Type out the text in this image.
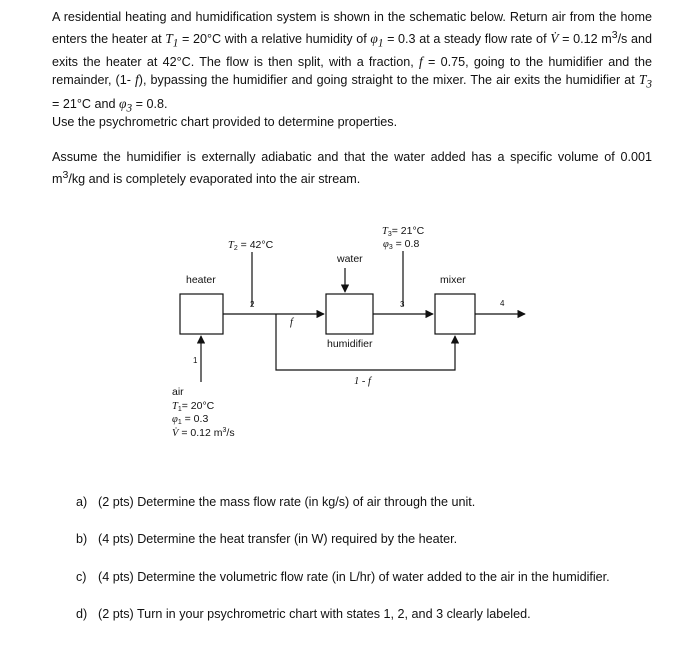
A residential heating and humidification system is shown in the schematic below. Return air from the home enters the heater at $T_1 = 20^\circ C$ with a relative humidity of $\varphi_1 = 0.3$ at a steady flow rate of V̇ = 0.12 $m^3/s$ and exits the heater at 42°C. The flow is then split, with a fraction, f = 0.75, going to the humidifier and the remainder, (1- f), bypassing the humidifier and going straight to the mixer. The air exits the humidifier at $T_3 = 21^\circ C$ and $\varphi_3 = 0.8$.
Use the psychrometric chart provided to determine properties.
Assume the humidifier is externally adiabatic and that the water added has a specific volume of 0.001 $m^3/kg$ and is completely evaporated into the air stream.
heater
humidifier
mixer
water
T2 = 42°C
T3= 21°C
φ3 = 0.8
1
2	3	4
f
1 - f
air
T1= 20°C
φ1 = 0.3
V̇ = 0.12 $m^3/s$
a) (2 pts) Determine the mass flow rate (in kg/s) of air through the unit.
b) (4 pts) Determine the heat transfer (in W) required by the heater.
c) (4 pts) Determine the volumetric flow rate (in L/hr) of water added to the air in the humidifier.
d) (2 pts) Turn in your psychrometric chart with states 1, 2, and 3 clearly labeled.
